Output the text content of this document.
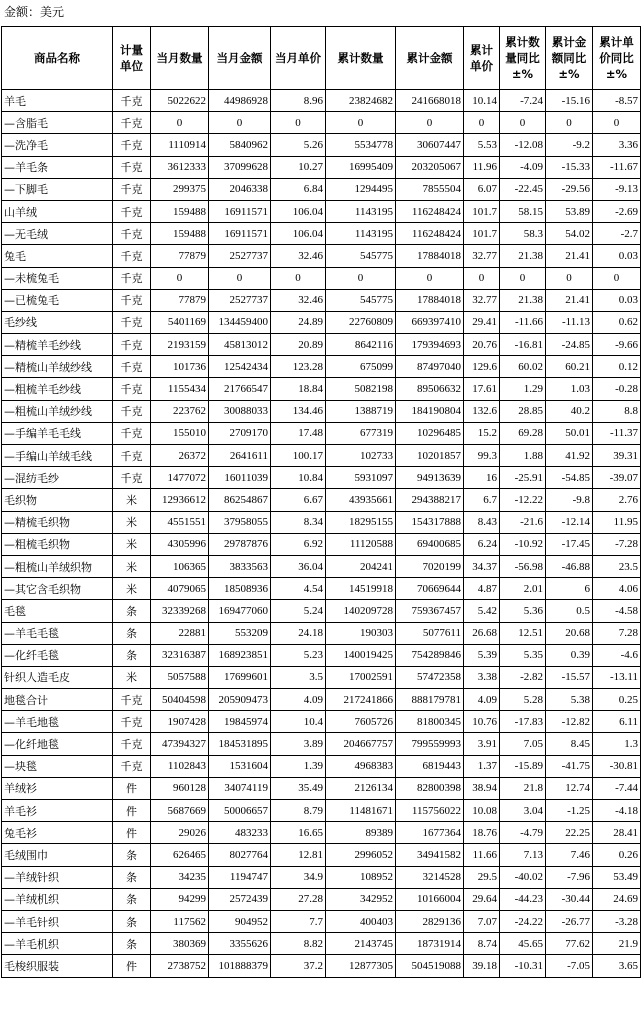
金额：美元
商品名称	计量单位	当月数量	当月金额	当月单价	累计数量	累计金额	累计单价	累计数量同比±%	累计金额同比±%	累计单价同比±%
羊毛	千克	5022622	44986928	8.96	23824682	241668018	10.14	-7.24	-15.16	-8.57
—含脂毛	千克	0	0	0	0	0	0	0	0	0
—洗净毛	千克	1110914	5840962	5.26	5534778	30607447	5.53	-12.08	-9.2	3.36
—羊毛条	千克	3612333	37099628	10.27	16995409	203205067	11.96	-4.09	-15.33	-11.67
—下脚毛	千克	299375	2046338	6.84	1294495	7855504	6.07	-22.45	-29.56	-9.13
山羊绒	千克	159488	16911571	106.04	1143195	116248424	101.7	58.15	53.89	-2.69
—无毛绒	千克	159488	16911571	106.04	1143195	116248424	101.7	58.3	54.02	-2.7
兔毛	千克	77879	2527737	32.46	545775	17884018	32.77	21.38	21.41	0.03
—未梳兔毛	千克	0	0	0	0	0	0	0	0	0
—已梳兔毛	千克	77879	2527737	32.46	545775	17884018	32.77	21.38	21.41	0.03
毛纱线	千克	5401169	134459400	24.89	22760809	669397410	29.41	-11.66	-11.13	0.62
—精梳羊毛纱线	千克	2193159	45813012	20.89	8642116	179394693	20.76	-16.81	-24.85	-9.66
—精梳山羊绒纱线	千克	101736	12542434	123.28	675099	87497040	129.6	60.02	60.21	0.12
—粗梳羊毛纱线	千克	1155434	21766547	18.84	5082198	89506632	17.61	1.29	1.03	-0.28
—粗梳山羊绒纱线	千克	223762	30088033	134.46	1388719	184190804	132.6	28.85	40.2	8.8
—手编羊毛毛线	千克	155010	2709170	17.48	677319	10296485	15.2	69.28	50.01	-11.37
—手编山羊绒毛线	千克	26372	2641611	100.17	102733	10201857	99.3	1.88	41.92	39.31
—混纺毛纱	千克	1477072	16011039	10.84	5931097	94913639	16	-25.91	-54.85	-39.07
毛织物	米	12936612	86254867	6.67	43935661	294388217	6.7	-12.22	-9.8	2.76
—精梳毛织物	米	4551551	37958055	8.34	18295155	154317888	8.43	-21.6	-12.14	11.95
—粗梳毛织物	米	4305996	29787876	6.92	11120588	69400685	6.24	-10.92	-17.45	-7.28
—粗梳山羊绒织物	米	106365	3833563	36.04	204241	7020199	34.37	-56.98	-46.88	23.5
—其它含毛织物	米	4079065	18508936	4.54	14519918	70669644	4.87	2.01	6	4.06
毛毯	条	32339268	169477060	5.24	140209728	759367457	5.42	5.36	0.5	-4.58
—羊毛毛毯	条	22881	553209	24.18	190303	5077611	26.68	12.51	20.68	7.28
—化纤毛毯	条	32316387	168923851	5.23	140019425	754289846	5.39	5.35	0.39	-4.6
针织人造毛皮	米	5057588	17699601	3.5	17002591	57472358	3.38	-2.82	-15.57	-13.11
地毯合计	千克	50404598	205909473	4.09	217241866	888179781	4.09	5.28	5.38	0.25
—羊毛地毯	千克	1907428	19845974	10.4	7605726	81800345	10.76	-17.83	-12.82	6.11
—化纤地毯	千克	47394327	184531895	3.89	204667757	799559993	3.91	7.05	8.45	1.3
—块毯	千克	1102843	1531604	1.39	4968383	6819443	1.37	-15.89	-41.75	-30.81
羊绒衫	件	960128	34074119	35.49	2126134	82800398	38.94	21.8	12.74	-7.44
羊毛衫	件	5687669	50006657	8.79	11481671	115756022	10.08	3.04	-1.25	-4.18
兔毛衫	件	29026	483233	16.65	89389	1677364	18.76	-4.79	22.25	28.41
毛绒围巾	条	626465	8027764	12.81	2996052	34941582	11.66	7.13	7.46	0.26
—羊绒针织	条	34235	1194747	34.9	108952	3214528	29.5	-40.02	-7.96	53.49
—羊绒机织	条	94299	2572439	27.28	342952	10166004	29.64	-44.23	-30.44	24.69
—羊毛针织	条	117562	904952	7.7	400403	2829136	7.07	-24.22	-26.77	-3.28
—羊毛机织	条	380369	3355626	8.82	2143745	18731914	8.74	45.65	77.62	21.9
毛梭织服装	件	2738752	101888379	37.2	12877305	504519088	39.18	-10.31	-7.05	3.65
